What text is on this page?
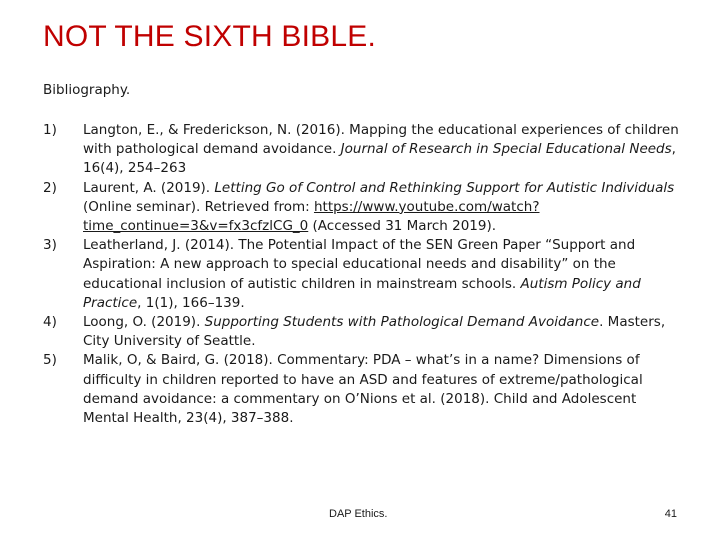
NOT THE SIXTH BIBLE.
Bibliography.
1)	Langton, E., & Frederickson, N. (2016). Mapping the educational experiences of children with pathological demand avoidance. Journal of Research in Special Educational Needs, 16(4), 254–263
2)	Laurent, A. (2019). Letting Go of Control and Rethinking Support for Autistic Individuals (Online seminar). Retrieved from: https://www.youtube.com/watch?time_continue=3&v=fx3cfzlCG_0 (Accessed 31 March 2019).
3)	Leatherland, J. (2014). The Potential Impact of the SEN Green Paper “Support and Aspiration: A new approach to special educational needs and disability” on the educational inclusion of autistic children in mainstream schools. Autism Policy and Practice, 1(1), 166–139.
4)	Loong, O. (2019). Supporting Students with Pathological Demand Avoidance. Masters, City University of Seattle.
5)	Malik, O, & Baird, G. (2018). Commentary: PDA – what’s in a name? Dimensions of difficulty in children reported to have an ASD and features of extreme/pathological demand avoidance: a commentary on O’Nions et al. (2018). Child and Adolescent Mental Health, 23(4), 387–388.
DAP Ethics.	41
